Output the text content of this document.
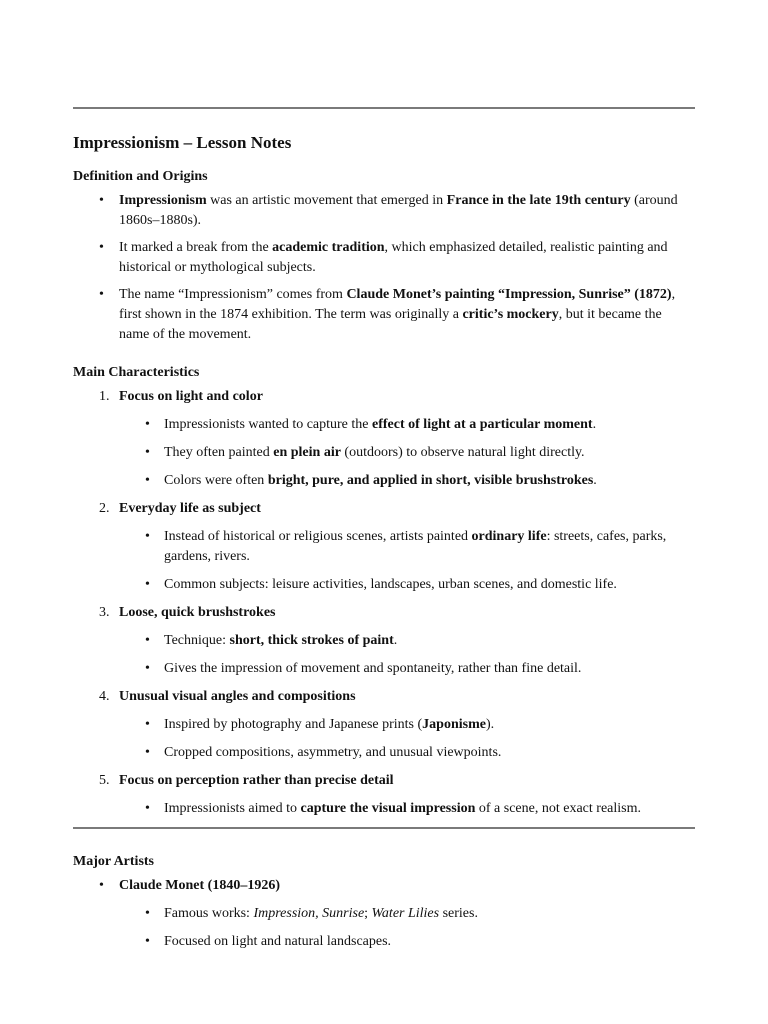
Impressionism – Lesson Notes
Definition and Origins
• Impressionism was an artistic movement that emerged in France in the late 19th century (around 1860s–1880s).
• It marked a break from the academic tradition, which emphasized detailed, realistic painting and historical or mythological subjects.
• The name “Impressionism” comes from Claude Monet’s painting “Impression, Sunrise” (1872), first shown in the 1874 exhibition. The term was originally a critic’s mockery, but it became the name of the movement.
Main Characteristics
1. Focus on light and color
• Impressionists wanted to capture the effect of light at a particular moment.
• They often painted en plein air (outdoors) to observe natural light directly.
• Colors were often bright, pure, and applied in short, visible brushstrokes.
2. Everyday life as subject
• Instead of historical or religious scenes, artists painted ordinary life: streets, cafes, parks, gardens, rivers.
• Common subjects: leisure activities, landscapes, urban scenes, and domestic life.
3. Loose, quick brushstrokes
• Technique: short, thick strokes of paint.
• Gives the impression of movement and spontaneity, rather than fine detail.
4. Unusual visual angles and compositions
• Inspired by photography and Japanese prints (Japonisme).
• Cropped compositions, asymmetry, and unusual viewpoints.
5. Focus on perception rather than precise detail
• Impressionists aimed to capture the visual impression of a scene, not exact realism.
Major Artists
• Claude Monet (1840–1926)
• Famous works: Impression, Sunrise; Water Lilies series.
• Focused on light and natural landscapes.
